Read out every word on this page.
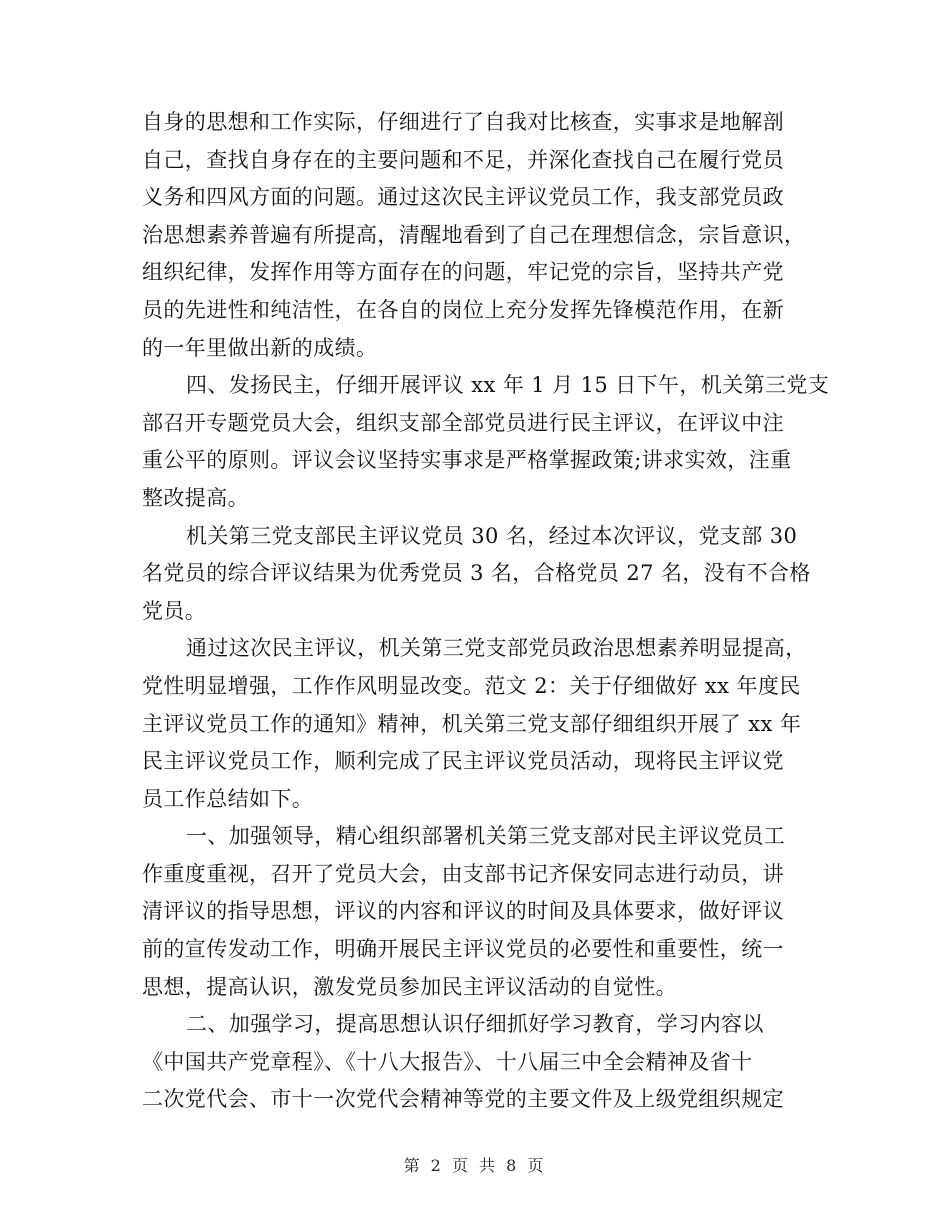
自身的思想和工作实际，仔细进行了自我对比核查，实事求是地解剖
自己，查找自身存在的主要问题和不足，并深化查找自己在履行党员
义务和四风方面的问题。通过这次民主评议党员工作，我支部党员政
治思想素养普遍有所提高，清醒地看到了自己在理想信念，宗旨意识，
组织纪律，发挥作用等方面存在的问题，牢记党的宗旨，坚持共产党
员的先进性和纯洁性，在各自的岗位上充分发挥先锋模范作用，在新
的一年里做出新的成绩。

四、发扬民主，仔细开展评议 xx 年 1 月 15 日下午，机关第三党支
部召开专题党员大会，组织支部全部党员进行民主评议，在评议中注
重公平的原则。评议会议坚持实事求是严格掌握政策;讲求实效，注重
整改提高。

机关第三党支部民主评议党员 30 名，经过本次评议，党支部 30
名党员的综合评议结果为优秀党员 3 名，合格党员 27 名，没有不合格
党员。

通过这次民主评议，机关第三党支部党员政治思想素养明显提高，
党性明显增强，工作作风明显改变。范文 2：关于仔细做好 xx 年度民
主评议党员工作的通知》精神，机关第三党支部仔细组织开展了 xx 年
民主评议党员工作，顺利完成了民主评议党员活动，现将民主评议党
员工作总结如下。

一、加强领导，精心组织部署机关第三党支部对民主评议党员工
作重度重视，召开了党员大会，由支部书记齐保安同志进行动员，讲
清评议的指导思想，评议的内容和评议的时间及具体要求，做好评议
前的宣传发动工作，明确开展民主评议党员的必要性和重要性，统一
思想，提高认识，激发党员参加民主评议活动的自觉性。

二、加强学习，提高思想认识仔细抓好学习教育，学习内容以
《中国共产党章程》、《十八大报告》、十八届三中全会精神及省十
二次党代会、市十一次党代会精神等党的主要文件及上级党组织规定

第 2 页 共 8 页
